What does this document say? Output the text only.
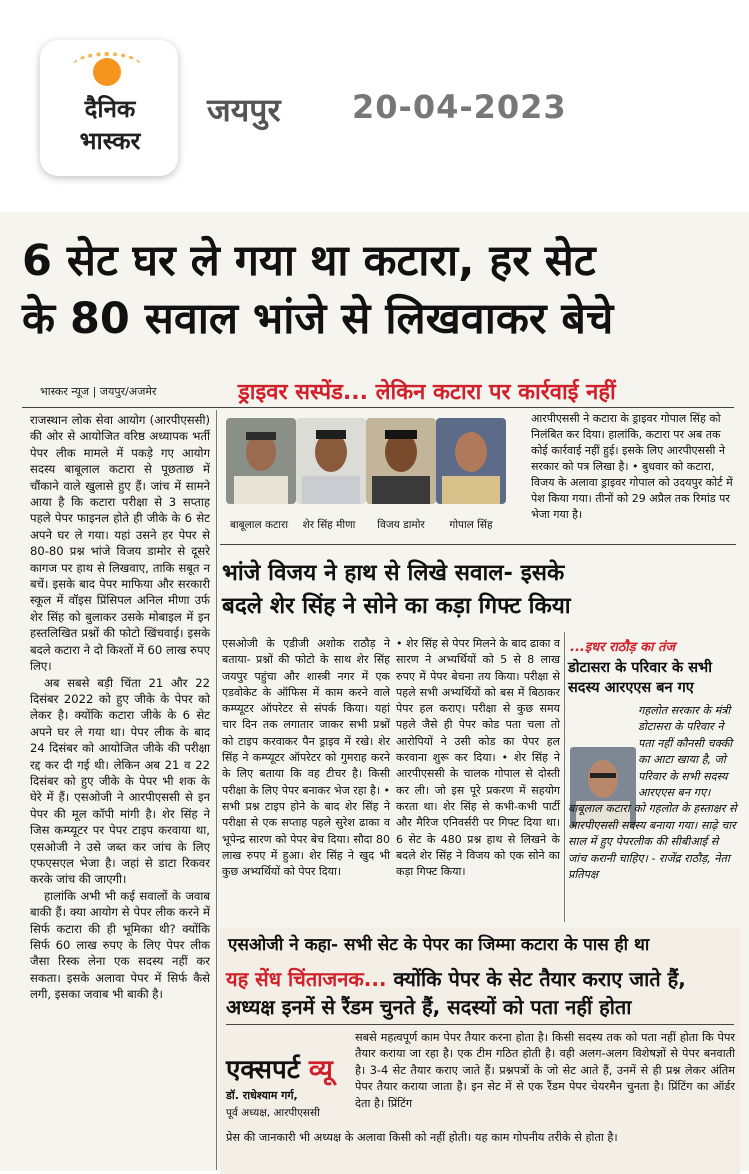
दैनिक
भास्कर
जयपुर 20-04-2023
6 सेट घर ले गया था कटारा, हर सेट
के 80 सवाल भांजे से लिखवाकर बेचे
भास्कर न्यूज | जयपुर/अजमेर	ड्राइवर सस्पेंड... लेकिन कटारा पर कार्रवाई नहीं

राजस्थान लोक सेवा आयोग (आरपीएससी) की ओर से आयोजित वरिष्ठ अध्यापक भर्ती पेपर लीक मामले में पकड़े गए आयोग सदस्य बाबूलाल कटारा से पूछताछ में चौंकाने वाले खुलासे हुए हैं। जांच में सामने आया है कि कटारा परीक्षा से 3 सप्ताह पहले पेपर फाइनल होते ही जीके के 6 सेट अपने घर ले गया। यहां उसने हर पेपर से 80-80 प्रश्न भांजे विजय डामोर से दूसरे कागज पर हाथ से लिखवाए, ताकि सबूत न बचें। इसके बाद पेपर माफिया और सरकारी स्कूल में वॉइस प्रिंसिपल अनिल मीणा उर्फ शेर सिंह को बुलाकर उसके मोबाइल में इन हस्तलिखित प्रश्नों की फोटो खिंचवाई। इसके बदले कटारा ने दो किश्तों में 60 लाख रुपए लिए।

अब सबसे बड़ी चिंता 21 और 22 दिसंबर 2022 को हुए जीके के पेपर को लेकर है। क्योंकि कटारा जीके के 6 सेट अपने घर ले गया था। पेपर लीक के बाद 24 दिसंबर को आयोजित जीके की परीक्षा रद्द कर दी गई थी। लेकिन अब 21 व 22 दिसंबर को हुए जीके के पेपर भी शक के घेरे में हैं। एसओजी ने आरपीएससी से इन पेपर की मूल कॉपी मांगी है। शेर सिंह ने जिस कम्प्यूटर पर पेपर टाइप करवाया था, एसओजी ने उसे जब्त कर जांच के लिए एफएसएल भेजा है। जहां से डाटा रिकवर करके जांच की जाएगी।

हालांकि अभी भी कई सवालों के जवाब बाकी हैं। क्या आयोग से पेपर लीक करने में सिर्फ कटारा की ही भूमिका थी? क्योंकि सिर्फ 60 लाख रुपए के लिए पेपर लीक जैसा रिस्क लेना एक सदस्य नहीं कर सकता। इसके अलावा पेपर में सिर्फ कैसे लगी, इसका जवाब भी बाकी है।

बाबूलाल कटारा	शेर सिंह मीणा	विजय डामोर	गोपाल सिंह
आरपीएससी ने कटारा के ड्राइवर गोपाल सिंह को निलंबित कर दिया। हालांकि, कटारा पर अब तक कोई कार्रवाई नहीं हुई। इसके लिए आरपीएससी ने सरकार को पत्र लिखा है। • बुधवार को कटारा, विजय के अलावा ड्राइवर गोपाल को उदयपुर कोर्ट में पेश किया गया। तीनों को 29 अप्रैल तक रिमांड पर भेजा गया है।
भांजे विजय ने हाथ से लिखे सवाल- इसके
बदले शेर सिंह ने सोने का कड़ा गिफ्ट किया
एसओजी के एडीजी अशोक राठौड़ ने बताया- प्रश्नों की फोटो के साथ शेर सिंह जयपुर पहुंचा और शास्त्री नगर में एक एडवोकेट के ऑफिस में काम करने वाले कम्प्यूटर ऑपरेटर से संपर्क किया। यहां चार दिन तक लगातार जाकर सभी प्रश्नों को टाइप करवाकर पैन ड्राइव में रखे। शेर सिंह ने कम्प्यूटर ऑपरेटर को गुमराह करने के लिए बताया कि वह टीचर है। किसी परीक्षा के लिए पेपर बनाकर भेज रहा है। • सभी प्रश्न टाइप होने के बाद शेर सिंह ने परीक्षा से एक सप्ताह पहले सुरेश ढाका व भूपेन्द्र सारण को पेपर बेच दिया। सौदा 80 लाख रुपए में हुआ। शेर सिंह ने खुद भी कुछ अभ्यर्थियों को पेपर दिया।
• शेर सिंह से पेपर मिलने के बाद ढाका व सारण ने अभ्यर्थियों को 5 से 8 लाख रुपए में पेपर बेचना तय किया। परीक्षा से पहले सभी अभ्यर्थियों को बस में बिठाकर पेपर हल कराए। परीक्षा से कुछ समय पहले जैसे ही पेपर कोड पता चला तो आरोपियों ने उसी कोड का पेपर हल करवाना शुरू कर दिया। • शेर सिंह ने आरपीएससी के चालक गोपाल से दोस्ती कर ली। जो इस पूरे प्रकरण में सहयोग करता था। शेर सिंह से कभी-कभी पार्टी और मैरिज एनिवर्सरी पर गिफ्ट दिया था। 6 सेट के 480 प्रश्न हाथ से लिखने के बदले शेर सिंह ने विजय को एक सोने का कड़ा गिफ्ट किया।
...इधर राठौड़ का तंज
डोटासरा के परिवार के सभी सदस्य आरएएस बन गए
गहलोत सरकार के मंत्री डोटासरा के परिवार ने पता नहीं कौनसी चक्की का आटा खाया है, जो परिवार के सभी सदस्य आरएएस बन गए। बाबूलाल कटारा को गहलोत के हस्ताक्षर से आरपीएससी सदस्य बनाया गया। साढ़े चार साल में हुए पेपरलीक की सीबीआई से जांच करानी चाहिए। - राजेंद्र राठौड़, नेता प्रतिपक्ष
एसओजी ने कहा- सभी सेट के पेपर का जिम्मा कटारा के पास ही था
यह सेंध चिंताजनक... क्योंकि पेपर के सेट तैयार कराए जाते हैं, अध्यक्ष इनमें से रैंडम चुनते हैं, सदस्यों को पता नहीं होता
एक्सपर्ट व्यू
डॉ. राधेश्याम गर्ग,
पूर्व अध्यक्ष, आरपीएससी
सबसे महत्वपूर्ण काम पेपर तैयार करना होता है। किसी सदस्य तक को पता नहीं होता कि पेपर तैयार कराया जा रहा है। एक टीम गठित होती है। वही अलग-अलग विशेषज्ञों से पेपर बनवाती है। 3-4 सेट तैयार कराए जाते हैं। प्रश्नपत्रों के जो सेट आते हैं, उनमें से ही प्रश्न लेकर अंतिम पेपर तैयार कराया जाता है। इन सेट में से एक रैंडम पेपर चेयरमैन चुनता है। प्रिंटिंग का ऑर्डर देता है। प्रिंटिंग
प्रेस की जानकारी भी अध्यक्ष के अलावा किसी को नहीं होती। यह काम गोपनीय तरीके से होता है।
